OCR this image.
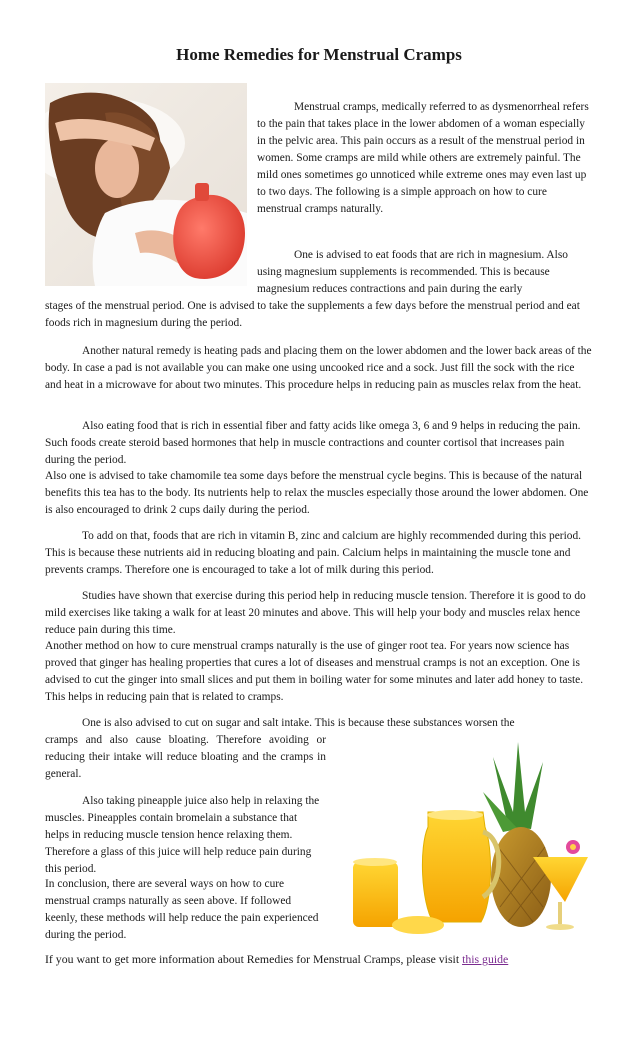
Home Remedies for Menstrual Cramps

Menstrual cramps, medically referred to as dysmenorrheal refers to the pain that takes place in the lower abdomen of a woman especially in the pelvic area. This pain occurs as a result of the menstrual period in women. Some cramps are mild while others are extremely painful. The mild ones sometimes go unnoticed while extreme ones may even last up to two days. The following is a simple approach on how to cure menstrual cramps naturally.

One is advised to eat foods that are rich in magnesium. Also using magnesium supplements is recommended. This is because magnesium reduces contractions and pain during the early

stages of the menstrual period. One is advised to take the supplements a few days before the menstrual period and eat foods rich in magnesium during the period.

Another natural remedy is heating pads and placing them on the lower abdomen and the lower back areas of the body. In case a pad is not available you can make one using uncooked rice and a sock. Just fill the sock with the rice and heat in a microwave for about two minutes. This procedure helps in reducing pain as muscles relax from the heat.

Also eating food that is rich in essential fiber and fatty acids like omega 3, 6 and 9 helps in reducing the pain. Such foods create steroid based hormones that help in muscle contractions and counter cortisol that increases pain during the period.

Also one is advised to take chamomile tea some days before the menstrual cycle begins. This is because of the natural benefits this tea has to the body. Its nutrients help to relax the muscles especially those around the lower abdomen. One is also encouraged to drink 2 cups daily during the period.

To add on that, foods that are rich in vitamin B, zinc and calcium are highly recommended during this period. This is because these nutrients aid in reducing bloating and pain. Calcium helps in maintaining the muscle tone and prevents cramps. Therefore one is encouraged to take a lot of milk during this period.

Studies have shown that exercise during this period help in reducing muscle tension. Therefore it is good to do mild exercises like taking a walk for at least 20 minutes and above. This will help your body and muscles relax hence reduce pain during this time.

Another method on how to cure menstrual cramps naturally is the use of ginger root tea. For years now science has proved that ginger has healing properties that cures a lot of diseases and menstrual cramps is not an exception. One is advised to cut the ginger into small slices and put them in boiling water for some minutes and later add honey to taste. This helps in reducing pain that is related to cramps.

One is also advised to cut on sugar and salt intake. This is because these substances worsen the

cramps and also cause bloating. Therefore avoiding or reducing their intake will reduce bloating and the cramps in general.

Also taking pineapple juice also help in relaxing the muscles. Pineapples contain bromelain a substance that helps in reducing muscle tension hence relaxing them. Therefore a glass of this juice will help reduce pain during this period.

In conclusion, there are several ways on how to cure menstrual cramps naturally as seen above. If followed keenly, these methods will help reduce the pain experienced during the period.

If you want to get more information about Remedies for Menstrual Cramps, please visit this guide
